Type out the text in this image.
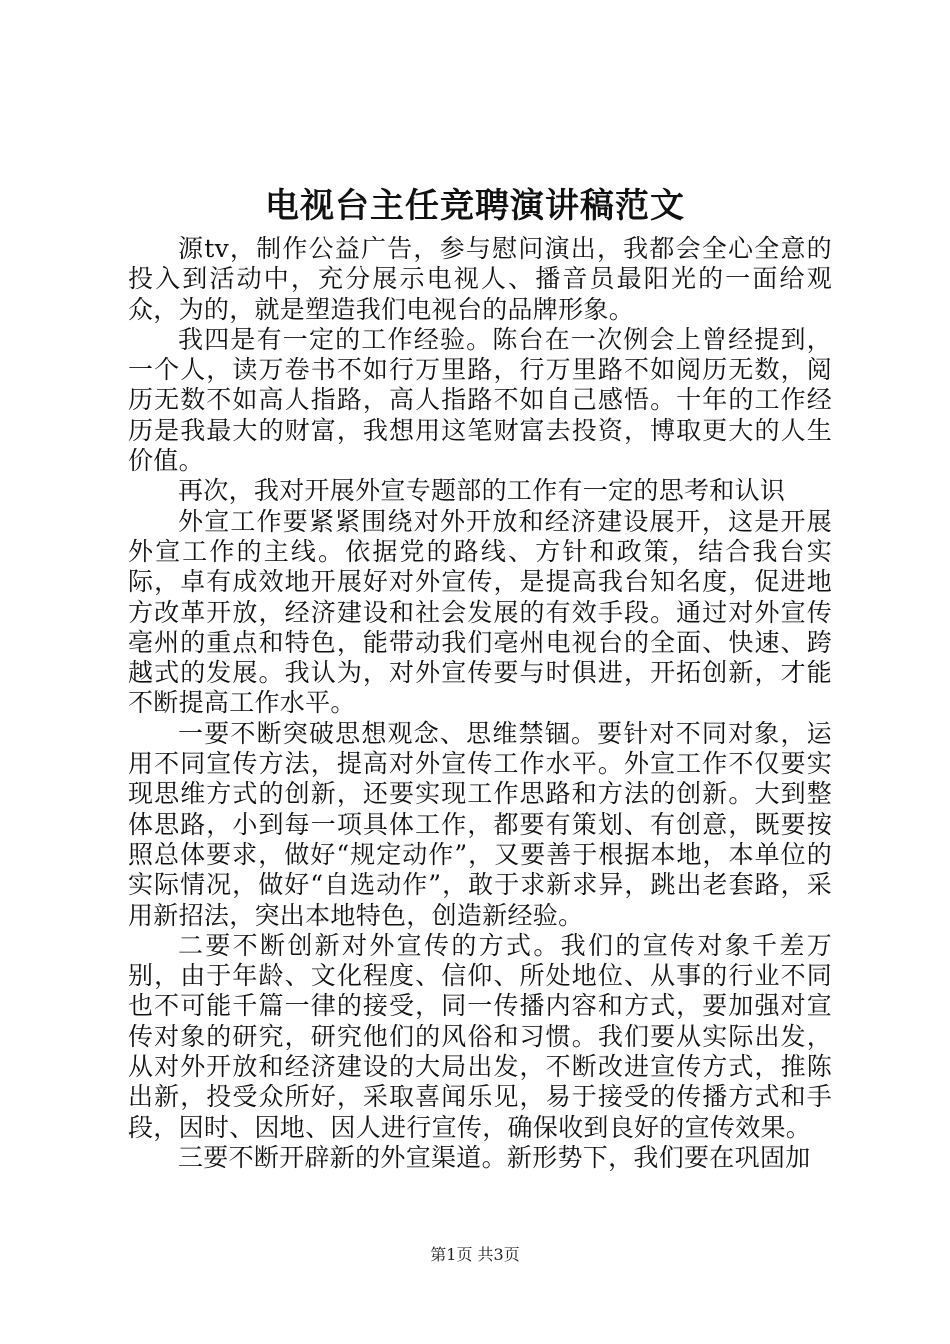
电视台主任竞聘演讲稿范文

源tv，制作公益广告，参与慰问演出，我都会全心全意的投入到活动中，充分展示电视人、播音员最阳光的一面给观众，为的，就是塑造我们电视台的品牌形象。

我四是有一定的工作经验。陈台在一次例会上曾经提到，一个人，读万卷书不如行万里路，行万里路不如阅历无数，阅历无数不如高人指路，高人指路不如自己感悟。十年的工作经历是我最大的财富，我想用这笔财富去投资，博取更大的人生价值。

再次，我对开展外宣专题部的工作有一定的思考和认识

外宣工作要紧紧围绕对外开放和经济建设展开，这是开展外宣工作的主线。依据党的路线、方针和政策，结合我台实际，卓有成效地开展好对外宣传，是提高我台知名度，促进地方改革开放，经济建设和社会发展的有效手段。通过对外宣传亳州的重点和特色，能带动我们亳州电视台的全面、快速、跨越式的发展。我认为，对外宣传要与时俱进，开拓创新，才能不断提高工作水平。

一要不断突破思想观念、思维禁锢。要针对不同对象，运用不同宣传方法，提高对外宣传工作水平。外宣工作不仅要实现思维方式的创新，还要实现工作思路和方法的创新。大到整体思路，小到每一项具体工作，都要有策划、有创意，既要按照总体要求，做好“规定动作”，又要善于根据本地，本单位的实际情况，做好“自选动作”，敢于求新求异，跳出老套路，采用新招法，突出本地特色，创造新经验。

二要不断创新对外宣传的方式。我们的宣传对象千差万别，由于年龄、文化程度、信仰、所处地位、从事的行业不同也不可能千篇一律的接受，同一传播内容和方式，要加强对宣传对象的研究，研究他们的风俗和习惯。我们要从实际出发，从对外开放和经济建设的大局出发，不断改进宣传方式，推陈出新，投受众所好，采取喜闻乐见，易于接受的传播方式和手段，因时、因地、因人进行宣传，确保收到良好的宣传效果。

三要不断开辟新的外宣渠道。新形势下，我们要在巩固加

第1页 共3页
